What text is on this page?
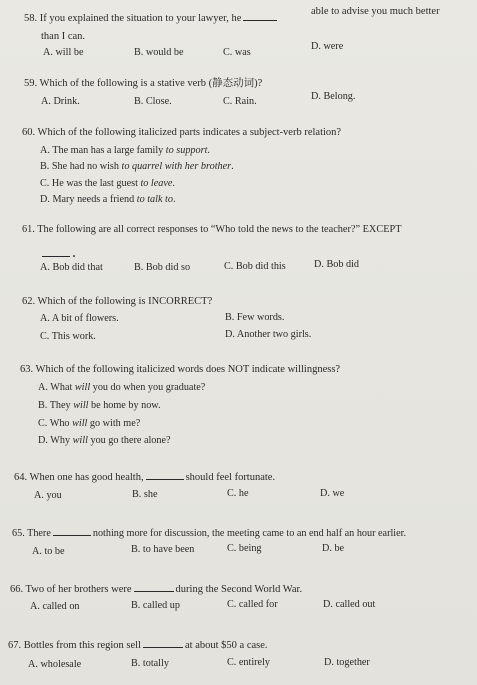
58. If you explained the situation to your lawyer, he
able to advise you much better
than I can.
A. will be	B. would be	C. was
D. were
59. Which of the following is a stative verb (静态动词)?
A. Drink.	B. Close.	C. Rain.	D. Belong.
60. Which of the following italicized parts indicates a subject-verb relation?
A. The man has a large family to support.
B. She had no wish to quarrel with her brother.
C. He was the last guest to leave.
D. Mary needs a friend to talk to.
61. The following are all correct responses to “Who told the news to the teacher?” EXCEPT
.
A. Bob did that	B. Bob did so	C. Bob did this	D. Bob did
62. Which of the following is INCORRECT?
A. A bit of flowers.	B. Few words.
C. This work.	D. Another two girls.
63. Which of the following italicized words does NOT indicate willingness?
A. What will you do when you graduate?
B. They will be home by now.
C. Who will go with me?
D. Why will you go there alone?
64. When one has good health,	should feel fortunate.
A. you	B. she	C. he	D. we
65. There	nothing more for discussion, the meeting came to an end half an hour earlier.
A. to be	B. to have been	C. being	D. be
66. Two of her brothers were	during the Second World War.
A. called on	B. called up	C. called for	D. called out
67. Bottles from this region sell	at about $50 a case.
A. wholesale	B. totally	C. entirely	D. together
